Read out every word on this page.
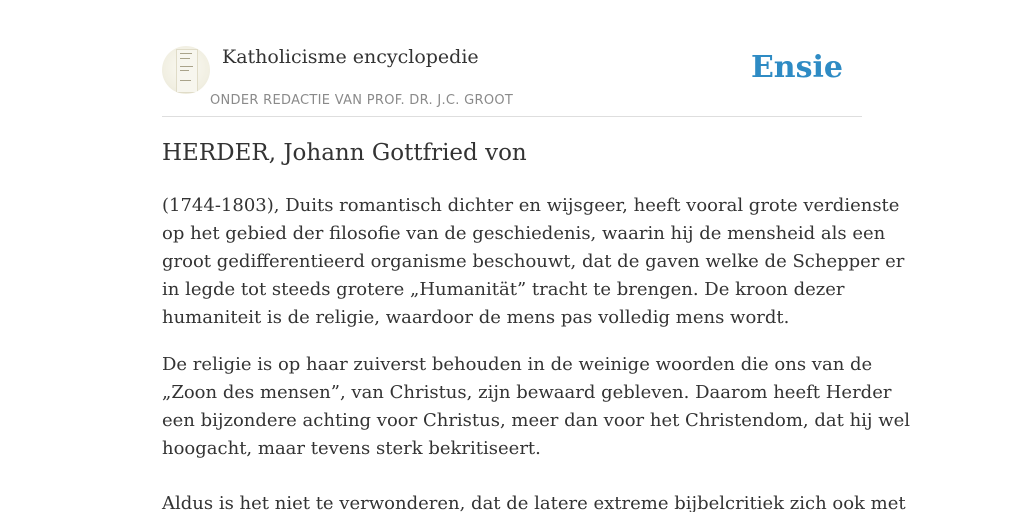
Katholicisme encyclopedie
ONDER REDACTIE VAN PROF. DR. J.C. GROOT
Ensie
HERDER, Johann Gottfried von

(1744-1803), Duits romantisch dichter en wijsgeer, heeft vooral grote verdienste
op het gebied der filosofie van de geschiedenis, waarin hij de mensheid als een
groot gedifferentieerd organisme beschouwt, dat de gaven welke de Schepper er
in legde tot steeds grotere „Humanität” tracht te brengen. De kroon dezer
humaniteit is de religie, waardoor de mens pas volledig mens wordt.

De religie is op haar zuiverst behouden in de weinige woorden die ons van de
„Zoon des mensen”, van Christus, zijn bewaard gebleven. Daarom heeft Herder
een bijzondere achting voor Christus, meer dan voor het Christendom, dat hij wel
hoogacht, maar tevens sterk bekritiseert.

Aldus is het niet te verwonderen, dat de latere extreme bijbelcritiek zich ook met
